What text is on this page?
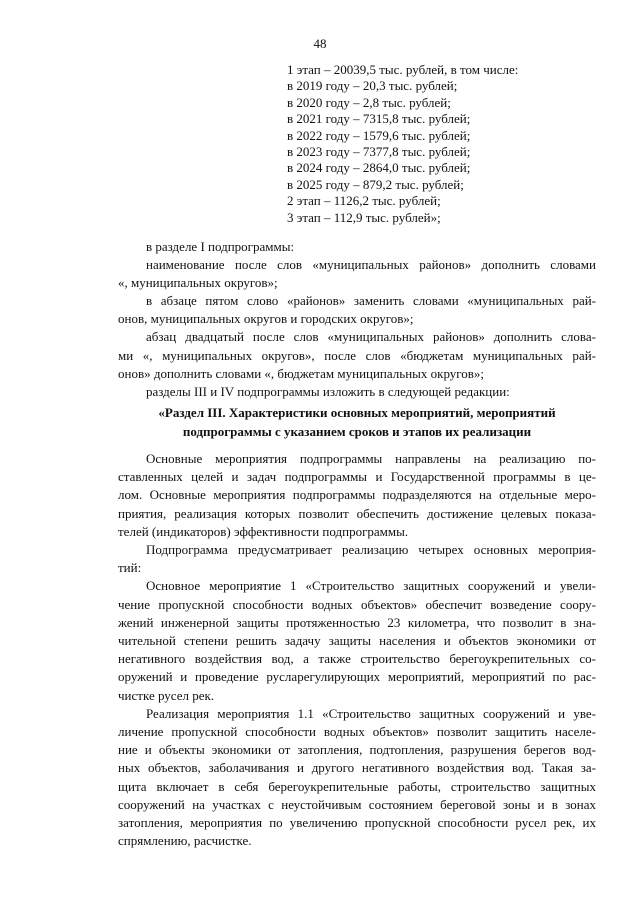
48
1 этап – 20039,5 тыс. рублей, в том числе:
в 2019 году – 20,3 тыс. рублей;
в 2020 году – 2,8 тыс. рублей;
в 2021 году – 7315,8 тыс. рублей;
в 2022 году – 1579,6 тыс. рублей;
в 2023 году – 7377,8 тыс. рублей;
в 2024 году – 2864,0 тыс. рублей;
в 2025 году – 879,2 тыс. рублей;
2 этап – 1126,2 тыс. рублей;
3 этап – 112,9 тыс. рублей»;
в разделе I подпрограммы:
наименование после слов «муниципальных районов» дополнить словами
«, муниципальных округов»;
в абзаце пятом слово «районов» заменить словами «муниципальных рай-
онов, муниципальных округов и городских округов»;
абзац двадцатый после слов «муниципальных районов» дополнить слова-
ми «, муниципальных округов», после слов «бюджетам муниципальных рай-
онов» дополнить словами «, бюджетам муниципальных округов»;
разделы III и IV подпрограммы изложить в следующей редакции:
«Раздел III. Характеристики основных мероприятий, мероприятий
подпрограммы с указанием сроков и этапов их реализации
Основные мероприятия подпрограммы направлены на реализацию по-
ставленных целей и задач подпрограммы и Государственной программы в це-
лом. Основные мероприятия подпрограммы подразделяются на отдельные меро-
приятия, реализация которых позволит обеспечить достижение целевых показа-
телей (индикаторов) эффективности подпрограммы.
Подпрограмма предусматривает реализацию четырех основных мероприя-
тий:
Основное мероприятие 1 «Строительство защитных сооружений и увели-
чение пропускной способности водных объектов» обеспечит возведение соору-
жений инженерной защиты протяженностью 23 километра, что позволит в зна-
чительной степени решить задачу защиты населения и объектов экономики от
негативного воздействия вод, а также строительство берегоукрепительных со-
оружений и проведение русларегулирующих мероприятий, мероприятий по рас-
чистке русел рек.
Реализация мероприятия 1.1 «Строительство защитных сооружений и уве-
личение пропускной способности водных объектов» позволит защитить населе-
ние и объекты экономики от затопления, подтопления, разрушения берегов вод-
ных объектов, заболачивания и другого негативного воздействия вод. Такая за-
щита включает в себя берегоукрепительные работы, строительство защитных
сооружений на участках с неустойчивым состоянием береговой зоны и в зонах
затопления, мероприятия по увеличению пропускной способности русел рек, их
спрямлению, расчистке.
